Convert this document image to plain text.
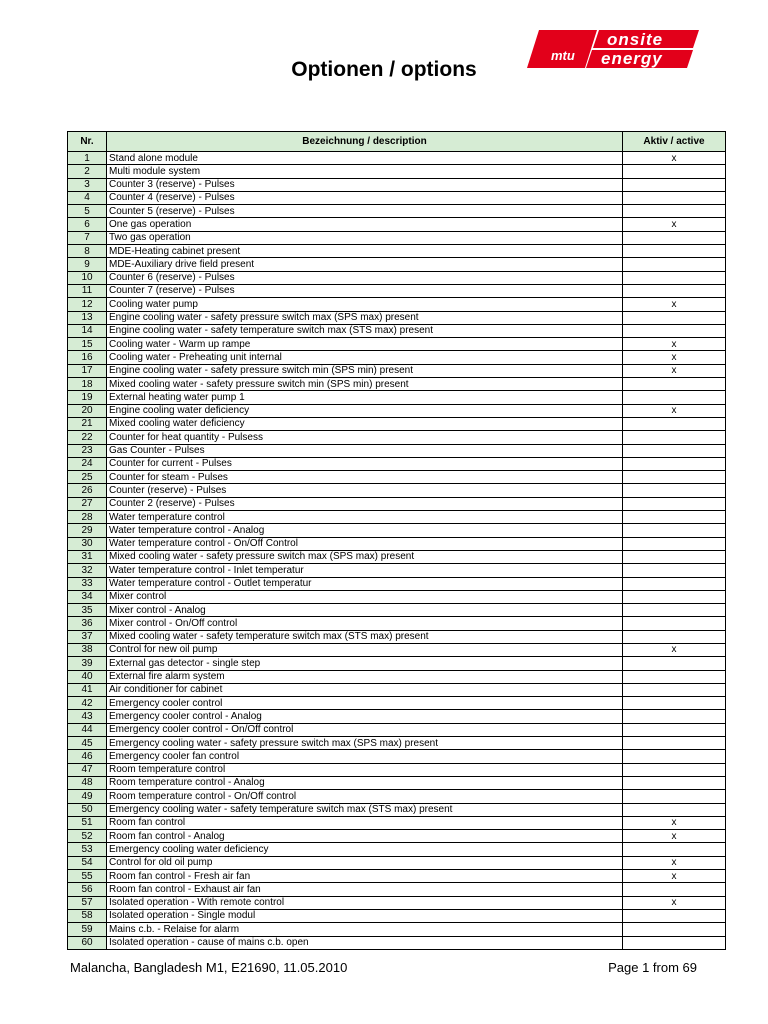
mtu
onsite
energy
Optionen / options
Nr.	Bezeichnung / description	Aktiv / active
1	Stand alone module	x
2	Multi module system	
3	Counter 3 (reserve) - Pulses	
4	Counter 4 (reserve) - Pulses	
5	Counter 5 (reserve) - Pulses	
6	One gas operation	x
7	Two gas operation	
8	MDE-Heating cabinet present	
9	MDE-Auxiliary drive field present	
10	Counter 6 (reserve) - Pulses	
11	Counter 7 (reserve) - Pulses	
12	Cooling water pump	x
13	Engine cooling water - safety pressure switch max (SPS max) present	
14	Engine cooling water - safety temperature switch max (STS max) present	
15	Cooling water - Warm up rampe	x
16	Cooling water - Preheating unit internal	x
17	Engine cooling water - safety pressure switch min (SPS min) present	x
18	Mixed cooling water - safety pressure switch min (SPS min) present	
19	External heating water pump 1	
20	Engine cooling water deficiency	x
21	Mixed cooling water deficiency	
22	Counter for heat quantity - Pulsess	
23	Gas Counter - Pulses	
24	Counter for current - Pulses	
25	Counter for steam - Pulses	
26	Counter (reserve) - Pulses	
27	Counter 2 (reserve) - Pulses	
28	Water temperature control	
29	Water temperature control - Analog	
30	Water temperature control - On/Off Control	
31	Mixed cooling water - safety pressure switch max (SPS max) present	
32	Water temperature control - Inlet temperatur	
33	Water temperature control - Outlet temperatur	
34	Mixer control	
35	Mixer control - Analog	
36	Mixer control - On/Off control	
37	Mixed cooling water - safety temperature switch max (STS max) present	
38	Control for new oil pump	x
39	External gas detector - single step	
40	External fire alarm system	
41	Air conditioner for cabinet	
42	Emergency cooler control	
43	Emergency cooler control - Analog	
44	Emergency cooler control - On/Off control	
45	Emergency cooling water - safety pressure switch max (SPS max) present	
46	Emergency cooler fan control	
47	Room temperature control	
48	Room temperature control - Analog	
49	Room temperature control - On/Off control	
50	Emergency cooling water - safety temperature switch max (STS max) present	
51	Room fan control	x
52	Room fan control - Analog	x
53	Emergency cooling water deficiency	
54	Control for old oil pump	x
55	Room fan control - Fresh air fan	x
56	Room fan control - Exhaust air fan	
57	Isolated operation - With remote control	x
58	Isolated operation - Single modul	
59	Mains c.b. - Relaise for alarm	
60	Isolated operation - cause of mains c.b. open	
Malancha, Bangladesh M1, E21690, 11.05.2010	Page 1 from 69
